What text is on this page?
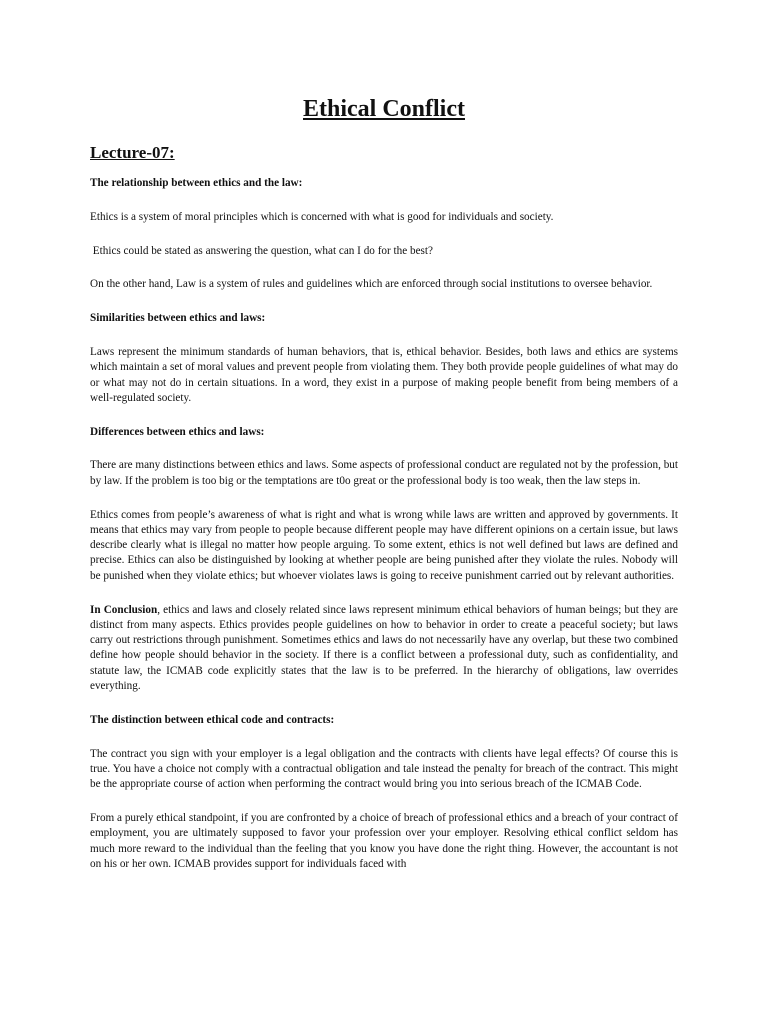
Ethical Conflict
Lecture-07:
The relationship between ethics and the law:

Ethics is a system of moral principles which is concerned with what is good for individuals and society.

Ethics could be stated as answering the question, what can I do for the best?

On the other hand, Law is a system of rules and guidelines which are enforced through social institutions to oversee behavior.

Similarities between ethics and laws:

Laws represent the minimum standards of human behaviors, that is, ethical behavior. Besides, both laws and ethics are systems which maintain a set of moral values and prevent people from violating them. They both provide people guidelines of what may do or what may not do in certain situations. In a word, they exist in a purpose of making people benefit from being members of a well-regulated society.

Differences between ethics and laws:

There are many distinctions between ethics and laws. Some aspects of professional conduct are regulated not by the profession, but by law. If the problem is too big or the temptations are t0o great or the professional body is too weak, then the law steps in.

Ethics comes from people’s awareness of what is right and what is wrong while laws are written and approved by governments. It means that ethics may vary from people to people because different people may have different opinions on a certain issue, but laws describe clearly what is illegal no matter how people arguing. To some extent, ethics is not well defined but laws are defined and precise. Ethics can also be distinguished by looking at whether people are being punished after they violate the rules. Nobody will be punished when they violate ethics; but whoever violates laws is going to receive punishment carried out by relevant authorities.

In Conclusion, ethics and laws and closely related since laws represent minimum ethical behaviors of human beings; but they are distinct from many aspects. Ethics provides people guidelines on how to behavior in order to create a peaceful society; but laws carry out restrictions through punishment. Sometimes ethics and laws do not necessarily have any overlap, but these two combined define how people should behavior in the society. If there is a conflict between a professional duty, such as confidentiality, and statute law, the ICMAB code explicitly states that the law is to be preferred. In the hierarchy of obligations, law overrides everything.

The distinction between ethical code and contracts:

The contract you sign with your employer is a legal obligation and the contracts with clients have legal effects? Of course this is true. You have a choice not comply with a contractual obligation and tale instead the penalty for breach of the contract. This might be the appropriate course of action when performing the contract would bring you into serious breach of the ICMAB Code.

From a purely ethical standpoint, if you are confronted by a choice of breach of professional ethics and a breach of your contract of employment, you are ultimately supposed to favor your profession over your employer. Resolving ethical conflict seldom has much more reward to the individual than the feeling that you know you have done the right thing. However, the accountant is not on his or her own. ICMAB provides support for individuals faced with
